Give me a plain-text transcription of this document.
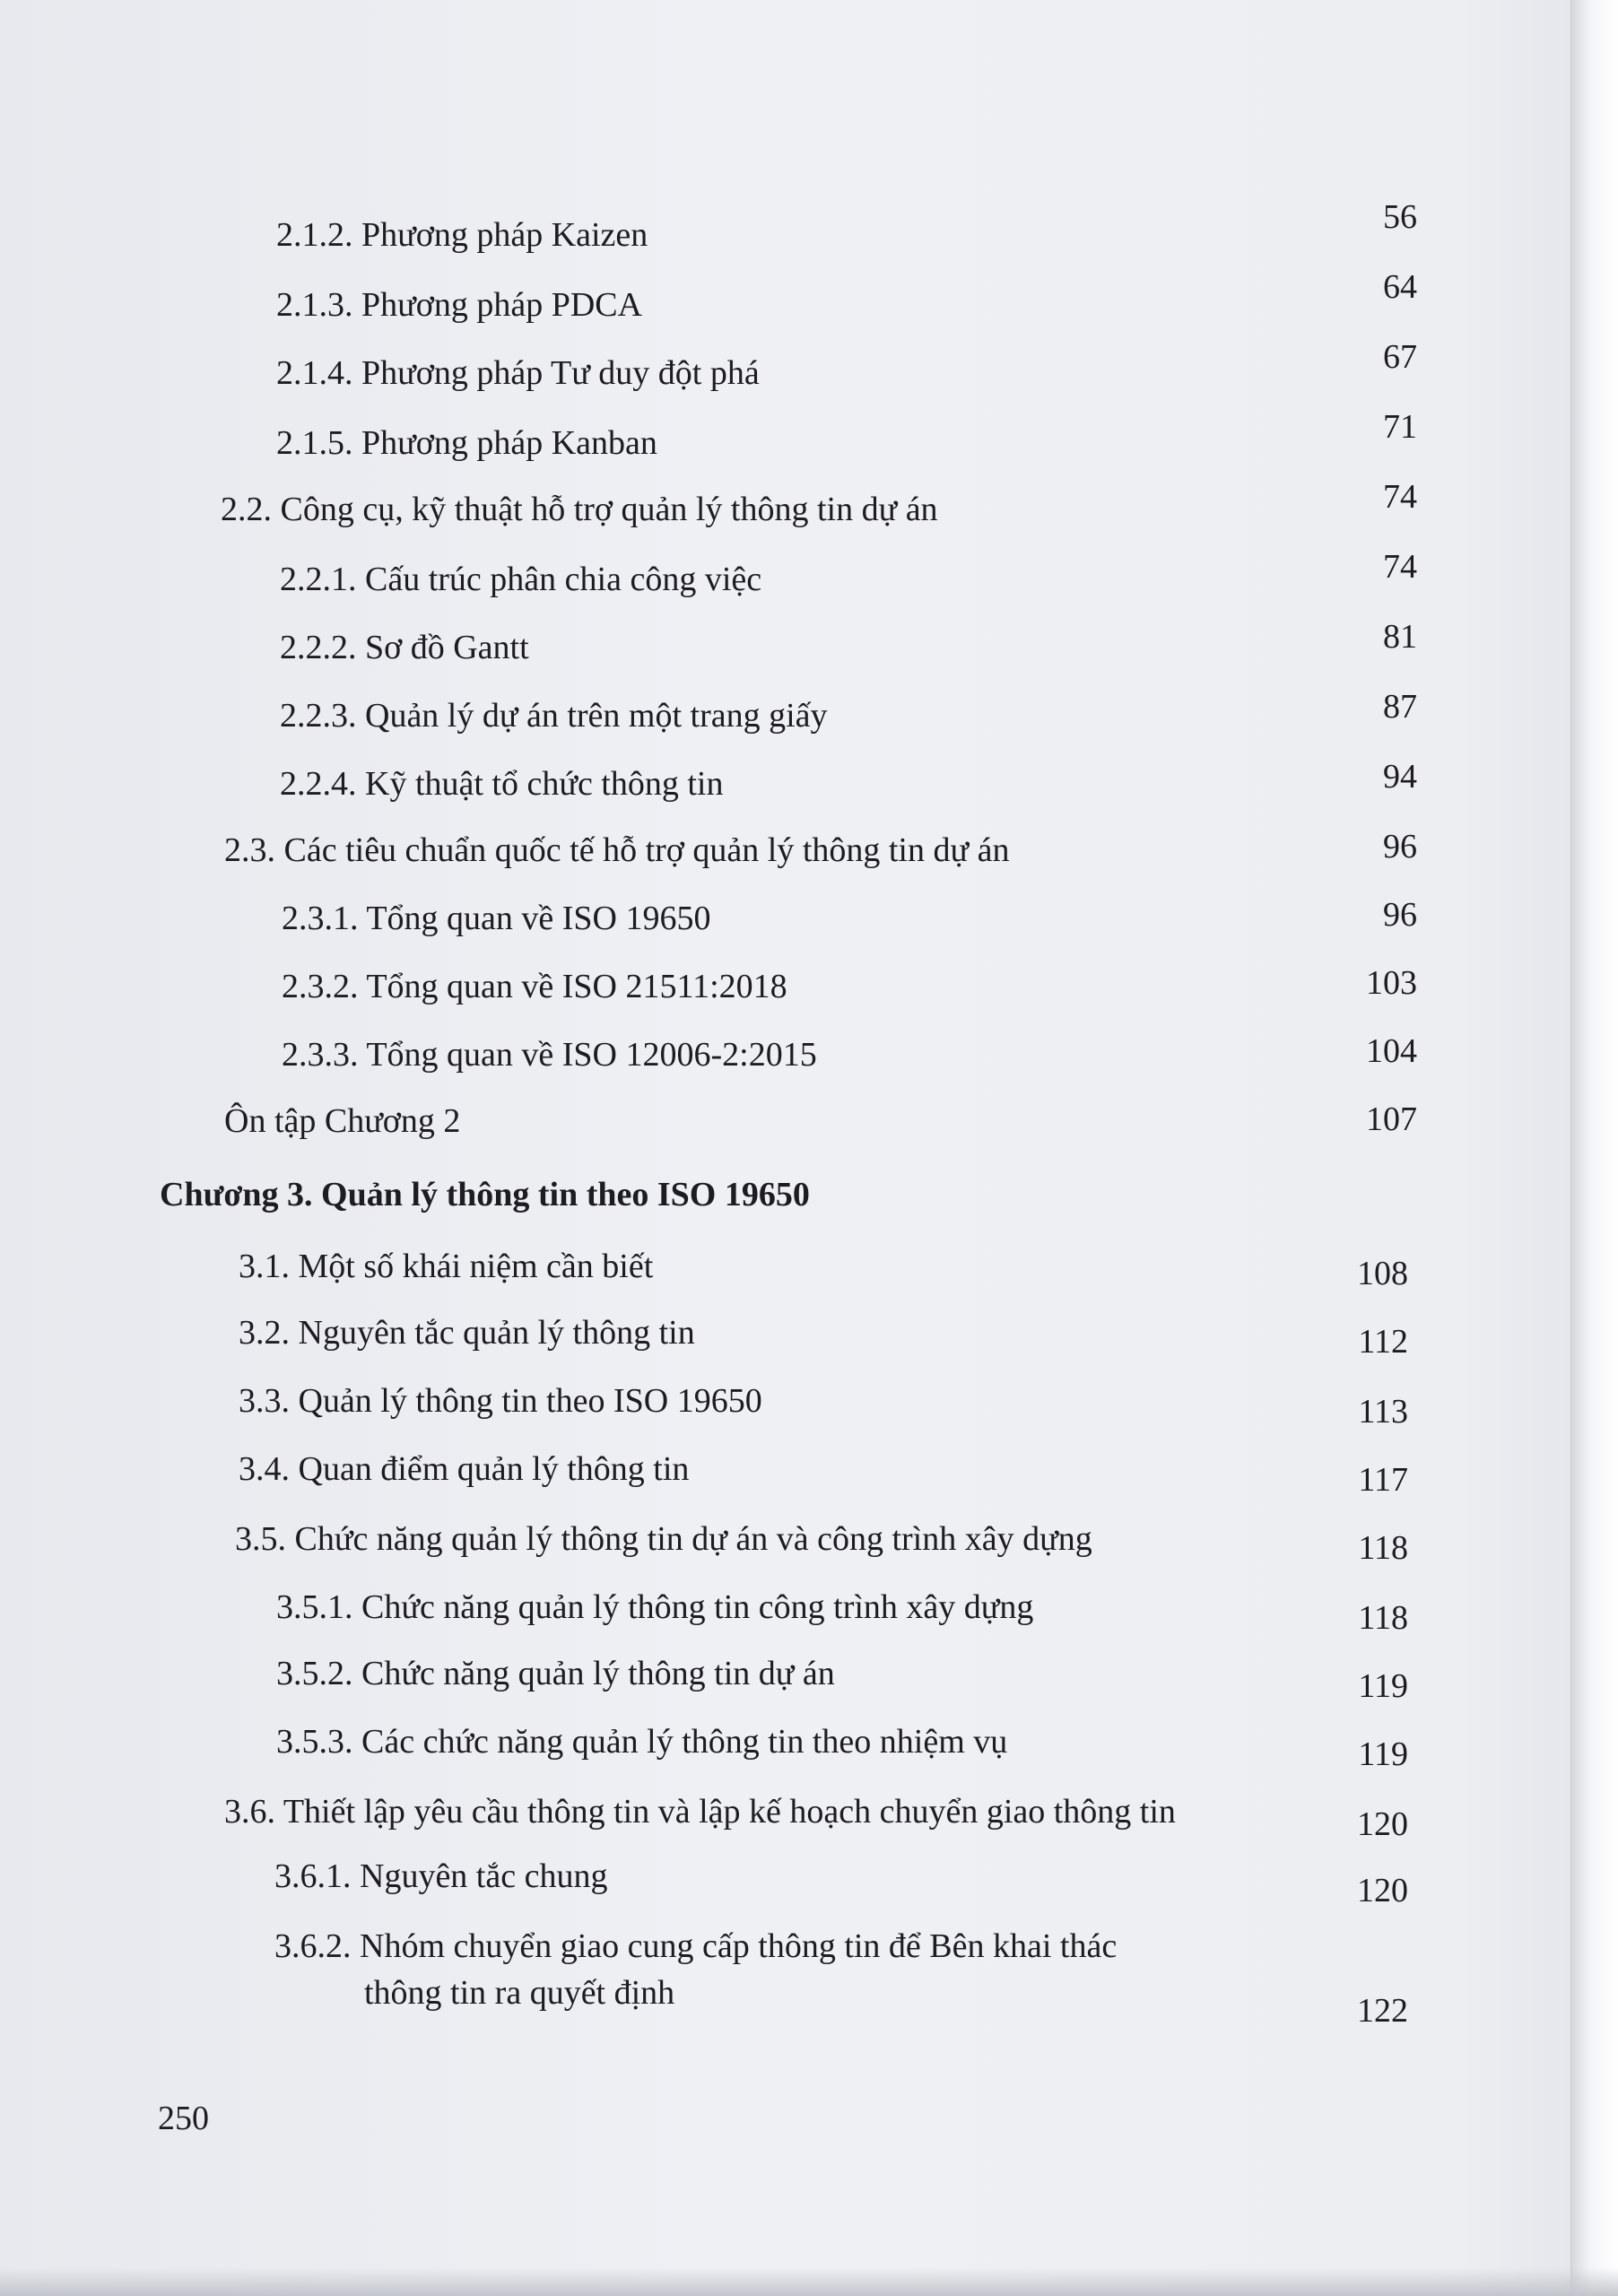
2.1.2. Phương pháp Kaizen	56
2.1.3. Phương pháp PDCA	64
2.1.4. Phương pháp Tư duy đột phá	67
2.1.5. Phương pháp Kanban	71
2.2. Công cụ, kỹ thuật hỗ trợ quản lý thông tin dự án	74
2.2.1. Cấu trúc phân chia công việc	74
2.2.2. Sơ đồ Gantt	81
2.2.3. Quản lý dự án trên một trang giấy	87
2.2.4. Kỹ thuật tổ chức thông tin	94
2.3. Các tiêu chuẩn quốc tế hỗ trợ quản lý thông tin dự án	96
2.3.1. Tổng quan về ISO 19650	96
2.3.2. Tổng quan về ISO 21511:2018	103
2.3.3. Tổng quan về ISO 12006-2:2015	104
Ôn tập Chương 2	107
Chương 3. Quản lý thông tin theo ISO 19650
3.1. Một số khái niệm cần biết	108
3.2. Nguyên tắc quản lý thông tin	112
3.3. Quản lý thông tin theo ISO 19650	113
3.4. Quan điểm quản lý thông tin	117
3.5. Chức năng quản lý thông tin dự án và công trình xây dựng	118
3.5.1. Chức năng quản lý thông tin công trình xây dựng	118
3.5.2. Chức năng quản lý thông tin dự án	119
3.5.3. Các chức năng quản lý thông tin theo nhiệm vụ	119
3.6. Thiết lập yêu cầu thông tin và lập kế hoạch chuyển giao thông tin	120
3.6.1. Nguyên tắc chung	120
3.6.2. Nhóm chuyển giao cung cấp thông tin để Bên khai thác
thông tin ra quyết định	122
250
